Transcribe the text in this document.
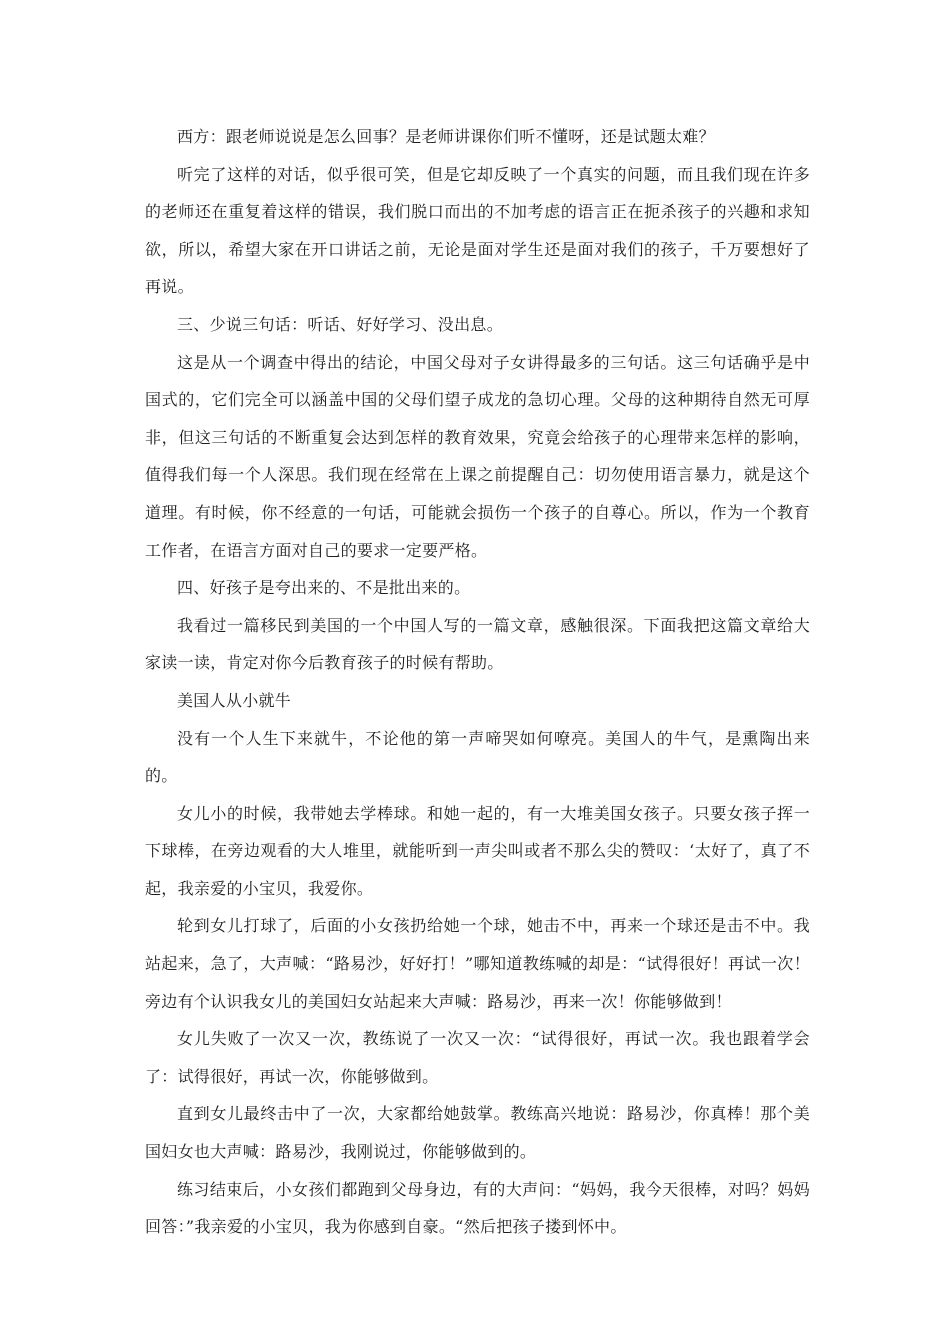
西方：跟老师说说是怎么回事？是老师讲课你们听不懂呀，还是试题太难？

听完了这样的对话，似乎很可笑，但是它却反映了一个真实的问题，而且我们现在许多的老师还在重复着这样的错误，我们脱口而出的不加考虑的语言正在扼杀孩子的兴趣和求知欲，所以，希望大家在开口讲话之前，无论是面对学生还是面对我们的孩子，千万要想好了再说。

三、少说三句话：听话、好好学习、没出息。

这是从一个调查中得出的结论，中国父母对子女讲得最多的三句话。这三句话确乎是中国式的，它们完全可以涵盖中国的父母们望子成龙的急切心理。父母的这种期待自然无可厚非，但这三句话的不断重复会达到怎样的教育效果，究竟会给孩子的心理带来怎样的影响，值得我们每一个人深思。我们现在经常在上课之前提醒自己：切勿使用语言暴力，就是这个道理。有时候，你不经意的一句话，可能就会损伤一个孩子的自尊心。所以，作为一个教育工作者，在语言方面对自己的要求一定要严格。

四、好孩子是夸出来的、不是批出来的。

我看过一篇移民到美国的一个中国人写的一篇文章，感触很深。下面我把这篇文章给大家读一读，肯定对你今后教育孩子的时候有帮助。

美国人从小就牛

没有一个人生下来就牛，不论他的第一声啼哭如何嘹亮。美国人的牛气，是熏陶出来的。

女儿小的时候，我带她去学棒球。和她一起的，有一大堆美国女孩子。只要女孩子挥一下球棒，在旁边观看的大人堆里，就能听到一声尖叫或者不那么尖的赞叹：‘太好了，真了不起，我亲爱的小宝贝，我爱你。

轮到女儿打球了，后面的小女孩扔给她一个球，她击不中，再来一个球还是击不中。我站起来，急了，大声喊：“路易沙，好好打！”哪知道教练喊的却是：“试得很好！再试一次！旁边有个认识我女儿的美国妇女站起来大声喊：路易沙，再来一次！你能够做到！

女儿失败了一次又一次，教练说了一次又一次：“试得很好，再试一次。我也跟着学会了：试得很好，再试一次，你能够做到。

直到女儿最终击中了一次，大家都给她鼓掌。教练高兴地说：路易沙，你真棒！那个美国妇女也大声喊：路易沙，我刚说过，你能够做到的。

练习结束后，小女孩们都跑到父母身边，有的大声问：“妈妈，我今天很棒，对吗？妈妈回答：”我亲爱的小宝贝，我为你感到自豪。“然后把孩子搂到怀中。
